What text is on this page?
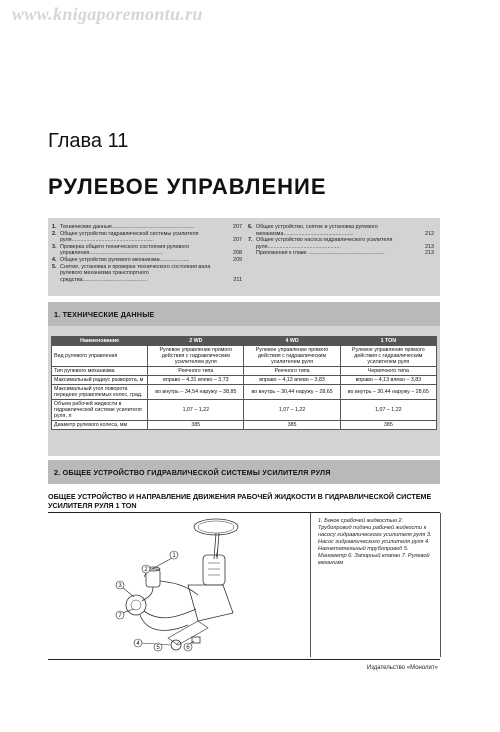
www.knigaporemontu.ru
Глава 11
РУЛЕВОЕ УПРАВЛЕНИЕ
1. Технические данные.......................................................	207
2. Общее устройство гидравлической системы усилителя руля.......................................................	207
3. Проверка общего технического состояния рулевого управления.................................................	208
4. Общее устройство рулевого механизма....................	209
5. Снятие, установка и проверка технического состояния вала рулевого механизма транспортного средства...........................................	211
6. Общее устройство, снятие и установка рулевого механизма...............................................	212
7. Общее устройство насоса гидравлического усилителя руля.................................................	213
Приложения к главе ...................................................	213
1. ТЕХНИЧЕСКИЕ ДАННЫЕ
Наименование	2 WD	4 WD	1 TON
Вид рулевого управления	Рулевое управление прямого действия с гидравлическим усилителем руля	Рулевое управление прямого действия с гидравлическим усилителем руля	Рулевое управление прямого действия с гидравлическим усилителем руля
Тип рулевого механизма	Реечного типа	Реечного типа	Червячного типа
Максимальный радиус разворота, м	вправо – 4,31 влево – 3,73	вправо – 4,13 влево – 3,83	вправо – 4,13 влево – 3,83
Максимальный угол поворота передних управляемых колес, град.	во внутрь – 34,54 наружу – 38,85	во внутрь – 30,44 наружу – 28,65	во внутрь – 30,44 наружу – 28,65
Объем рабочей жидкости в гидравлической системе усилителя руля, л	1,07 – 1,22	1,07 – 1,22	1,07 – 1,22
Диаметр рулевого колеса, мм	385	385	385
2. ОБЩЕЕ УСТРОЙСТВО ГИДРАВЛИЧЕСКОЙ СИСТЕМЫ УСИЛИТЕЛЯ РУЛЯ
ОБЩЕЕ УСТРОЙСТВО И НАПРАВЛЕНИЕ ДВИЖЕНИЯ РАБОЧЕЙ ЖИДКОСТИ В ГИДРАВЛИЧЕСКОЙ СИСТЕМЕ УСИЛИТЕЛЯ РУЛЯ 1 TON
1
2
3
7
4
5	6
1. Бачок срабочей жидкостью 2. Трубопровод подачи рабочей жидкости к насосу гидравлического усилителя руля 3. Насос гидравлического усилителя руля 4. Нагнетательный трубопровод 5. Манометр 6. Запорный клапан 7. Рулевой механизм
Издательство «Монолит»
